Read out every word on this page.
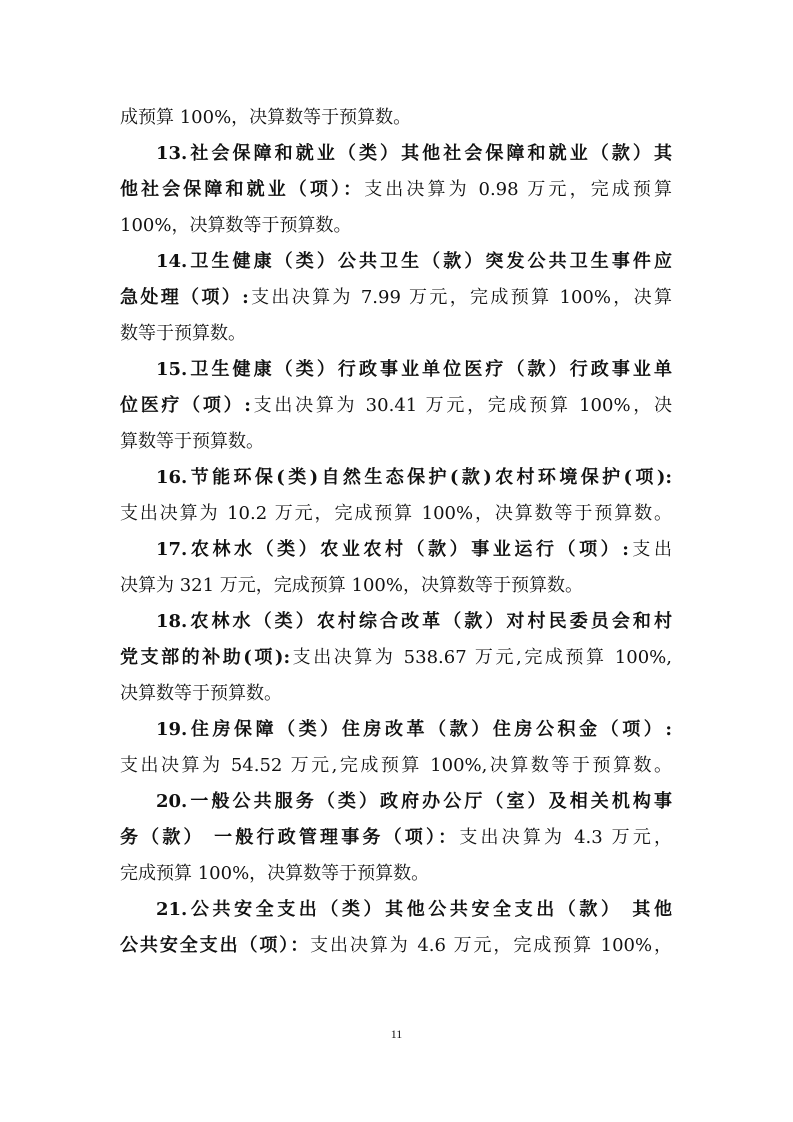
成预算 100%，决算数等于预算数。
13.社会保障和就业（类）其他社会保障和就业（款）其
他社会保障和就业（项）：支出决算为 0.98 万元，完成预算
100%，决算数等于预算数。
14.卫生健康（类）公共卫生（款）突发公共卫生事件应
急处理（项）:支出决算为 7.99 万元，完成预算 100%，决算
数等于预算数。
15.卫生健康（类）行政事业单位医疗（款）行政事业单
位医疗（项）:支出决算为 30.41 万元，完成预算 100%，决
算数等于预算数。
16.节能环保(类)自然生态保护(款)农村环境保护(项):
支出决算为 10.2 万元，完成预算 100%，决算数等于预算数。
17.农林水（类）农业农村（款）事业运行（项）:支出
决算为 321 万元，完成预算 100%，决算数等于预算数。
18.农林水（类）农村综合改革（款）对村民委员会和村
党支部的补助(项):支出决算为 538.67 万元,完成预算 100%,
决算数等于预算数。
19.住房保障（类）住房改革（款）住房公积金（项）:
支出决算为 54.52 万元,完成预算 100%,决算数等于预算数。
20.一般公共服务（类）政府办公厅（室）及相关机构事
务（款） 一般行政管理事务（项）：支出决算为 4.3 万元，
完成预算 100%，决算数等于预算数。
21.公共安全支出（类）其他公共安全支出（款） 其他
公共安全支出（项）：支出决算为 4.6 万元，完成预算 100%，
11
